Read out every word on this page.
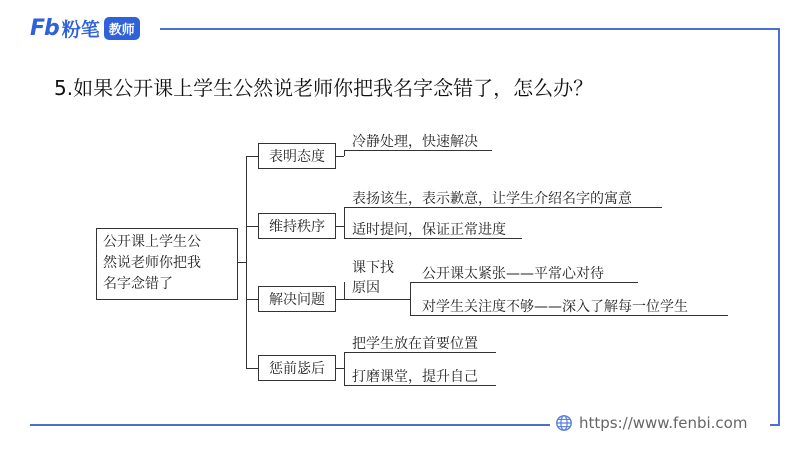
Fb 粉笔 教师
5.如果公开课上学生公然说老师你把我名字念错了，怎么办？
公开课上学生公
然说老师你把我
名字念错了
表明态度
冷静处理，快速解决
维持秩序
表扬该生，表示歉意，让学生介绍名字的寓意
适时提问，保证正常进度
解决问题
课下找
原因
公开课太紧张——平常心对待
对学生关注度不够——深入了解每一位学生
惩前毖后
把学生放在首要位置
打磨课堂，提升自己
https://www.fenbi.com
